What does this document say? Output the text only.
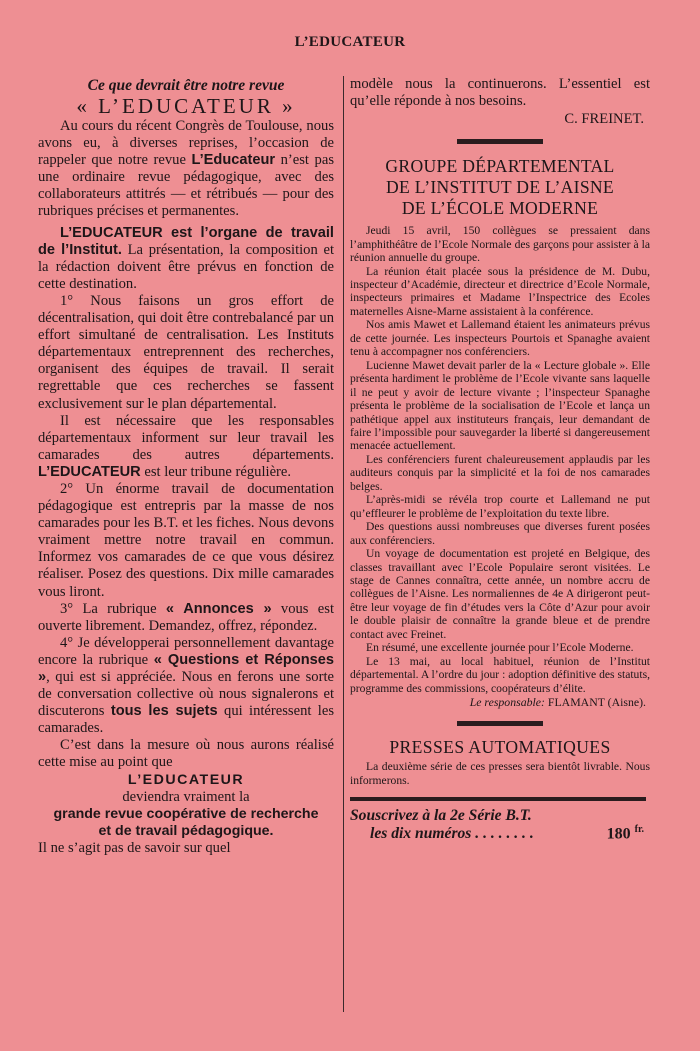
L’EDUCATEUR

Ce que devrait être notre revue

« L’EDUCATEUR »

Au cours du récent Congrès de Toulouse, nous avons eu, à diverses reprises, l’occasion de rappeler que notre revue L’Educateur n’est pas une ordinaire revue pédagogique, avec des collaborateurs attitrés — et rétribués — pour des rubriques précises et permanentes.

L’EDUCATEUR est l’organe de travail de l’Institut. La présentation, la composition et la rédaction doivent être prévus en fonction de cette destination.

1° Nous faisons un gros effort de décentralisation, qui doit être contrebalancé par un effort simultané de centralisation. Les Instituts départementaux entreprennent des recherches, organisent des équipes de travail. Il serait regrettable que ces recherches se fassent exclusivement sur le plan départemental.

Il est nécessaire que les responsables départementaux informent sur leur travail les camarades des autres départements. L’EDUCATEUR est leur tribune régulière.

2° Un énorme travail de documentation pédagogique est entrepris par la masse de nos camarades pour les B.T. et les fiches. Nous devons vraiment mettre notre travail en commun. Informez vos camarades de ce que vous désirez réaliser. Posez des questions. Dix mille camarades vous liront.

3° La rubrique « Annonces » vous est ouverte librement. Demandez, offrez, répondez.

4° Je développerai personnellement davantage encore la rubrique « Questions et Réponses », qui est si appréciée. Nous en ferons une sorte de conversation collective où nous signalerons et discuterons tous les sujets qui intéressent les camarades.

C’est dans la mesure où nous aurons réalisé cette mise au point que

L’EDUCATEUR

deviendra vraiment la

grande revue coopérative de recherche

et de travail pédagogique.

Il ne s’agit pas de savoir sur quel

modèle nous la continuerons. L’essentiel est qu’elle réponde à nos besoins.

C. FREINET.

GROUPE DÉPARTEMENTAL

DE L’INSTITUT DE L’AISNE

DE L’ÉCOLE MODERNE

Jeudi 15 avril, 150 collègues se pressaient dans l’amphithéâtre de l’Ecole Normale des garçons pour assister à la réunion annuelle du groupe.

La réunion était placée sous la présidence de M. Dubu, inspecteur d’Académie, directeur et directrice d’Ecole Normale, inspecteurs primaires et Madame l’Inspectrice des Ecoles maternelles Aisne-Marne assistaient à la conférence.

Nos amis Mawet et Lallemand étaient les animateurs prévus de cette journée. Les inspecteurs Pourtois et Spanaghe avaient tenu à accompagner nos conférenciers.

Lucienne Mawet devait parler de la « Lecture globale ». Elle présenta hardiment le problème de l’Ecole vivante sans laquelle il ne peut y avoir de lecture vivante ; l’inspecteur Spanaghe présenta le problème de la socialisation de l’Ecole et lança un pathétique appel aux instituteurs français, leur demandant de faire l’impossible pour sauvegarder la liberté si dangereusement menacée actuellement.

Les conférenciers furent chaleureusement applaudis par les auditeurs conquis par la simplicité et la foi de nos camarades belges.

L’après-midi se révéla trop courte et Lallemand ne put qu’effleurer le problème de l’exploitation du texte libre.

Des questions aussi nombreuses que diverses furent posées aux conférenciers.

Un voyage de documentation est projeté en Belgique, des classes travaillant avec l’Ecole Populaire seront visitées. Le stage de Cannes connaîtra, cette année, un nombre accru de collègues de l’Aisne. Les normaliennes de 4e A dirigeront peut-être leur voyage de fin d’études vers la Côte d’Azur pour avoir le double plaisir de connaître la grande bleue et de prendre contact avec Freinet.

En résumé, une excellente journée pour l’Ecole Moderne.

Le 13 mai, au local habituel, réunion de l’Institut départemental. A l’ordre du jour : adoption définitive des statuts, programme des commissions, coopérateurs d’élite.

Le responsable: FLAMANT (Aisne).

PRESSES AUTOMATIQUES

La deuxième série de ces presses sera bientôt livrable. Nous informerons.

Souscrivez à la 2e Série B.T.

les dix numéros . . . . . . . .	180 $^{fr.}$
